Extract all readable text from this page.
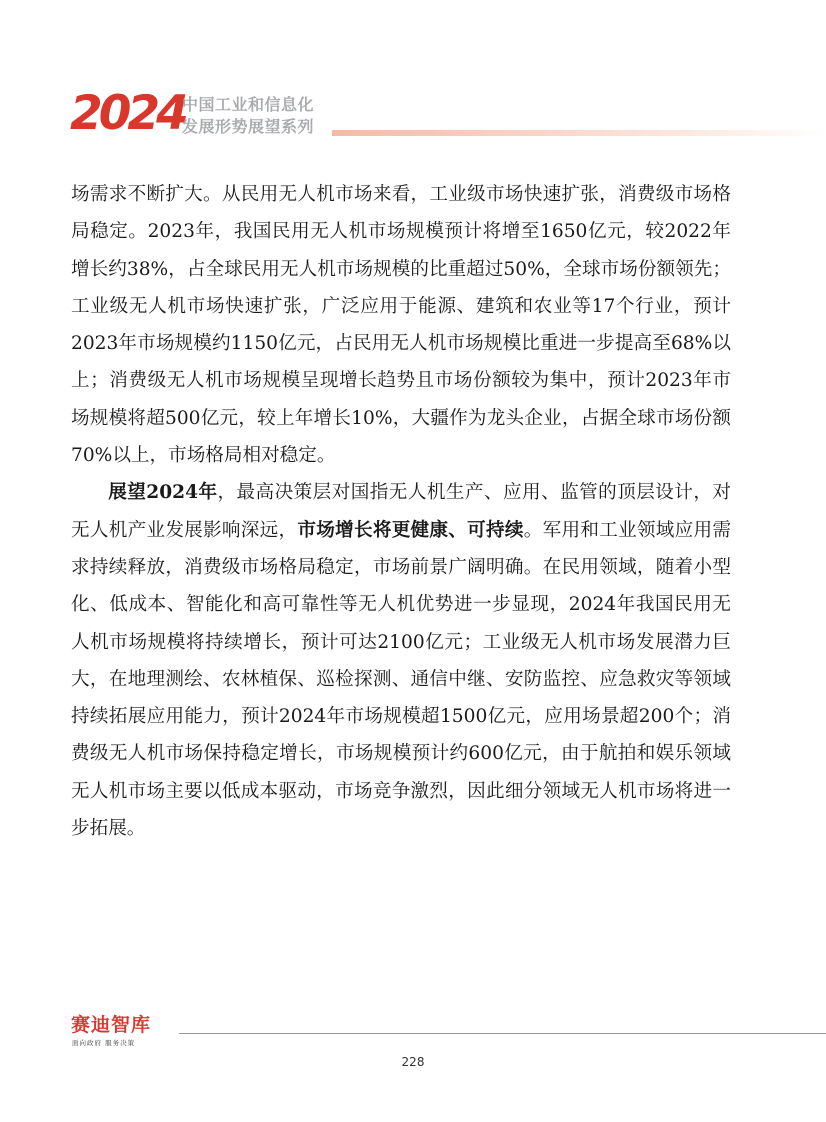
2024
中国工业和信息化
发展形势展望系列

场需求不断扩大。从民用无人机市场来看，工业级市场快速扩张，消费级市场格局稳定。2023年，我国民用无人机市场规模预计将增至1650亿元，较2022年增长约38%，占全球民用无人机市场规模的比重超过50%，全球市场份额领先；工业级无人机市场快速扩张，广泛应用于能源、建筑和农业等17个行业，预计2023年市场规模约1150亿元，占民用无人机市场规模比重进一步提高至68%以上；消费级无人机市场规模呈现增长趋势且市场份额较为集中，预计2023年市场规模将超500亿元，较上年增长10%，大疆作为龙头企业，占据全球市场份额70%以上，市场格局相对稳定。

展望2024年，最高决策层对国指无人机生产、应用、监管的顶层设计，对无人机产业发展影响深远，市场增长将更健康、可持续。军用和工业领域应用需求持续释放，消费级市场格局稳定，市场前景广阔明确。在民用领域，随着小型化、低成本、智能化和高可靠性等无人机优势进一步显现，2024年我国民用无人机市场规模将持续增长，预计可达2100亿元；工业级无人机市场发展潜力巨大，在地理测绘、农林植保、巡检探测、通信中继、安防监控、应急救灾等领域持续拓展应用能力，预计2024年市场规模超1500亿元，应用场景超200个；消费级无人机市场保持稳定增长，市场规模预计约600亿元，由于航拍和娱乐领域无人机市场主要以低成本驱动，市场竞争激烈，因此细分领域无人机市场将进一步拓展。

赛迪智库
面向政府 服务决策
228
